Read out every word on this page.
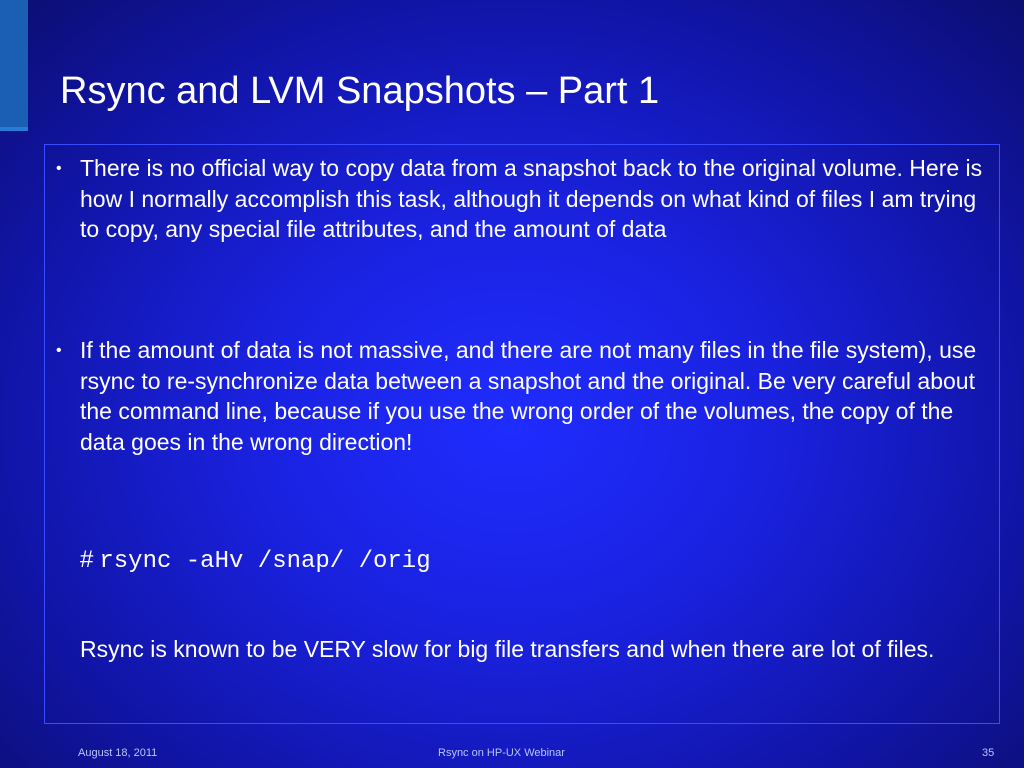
Rsync and LVM Snapshots – Part 1
• There is no official way to copy data from a snapshot back to the original volume. Here is how I normally accomplish this task, although it depends on what kind of files I am trying to copy, any special file attributes, and the amount of data

• If the amount of data is not massive, and there are not many files in the file system), use rsync to re-synchronize data between a snapshot and the original. Be very careful about the command line, because if you use the wrong order of the volumes, the copy of the data goes in the wrong direction!

# rsync -aHv /snap/ /orig

Rsync is known to be VERY slow for big file transfers and when there are lot of files.

August 18, 2011	Rsync on HP-UX Webinar	35
